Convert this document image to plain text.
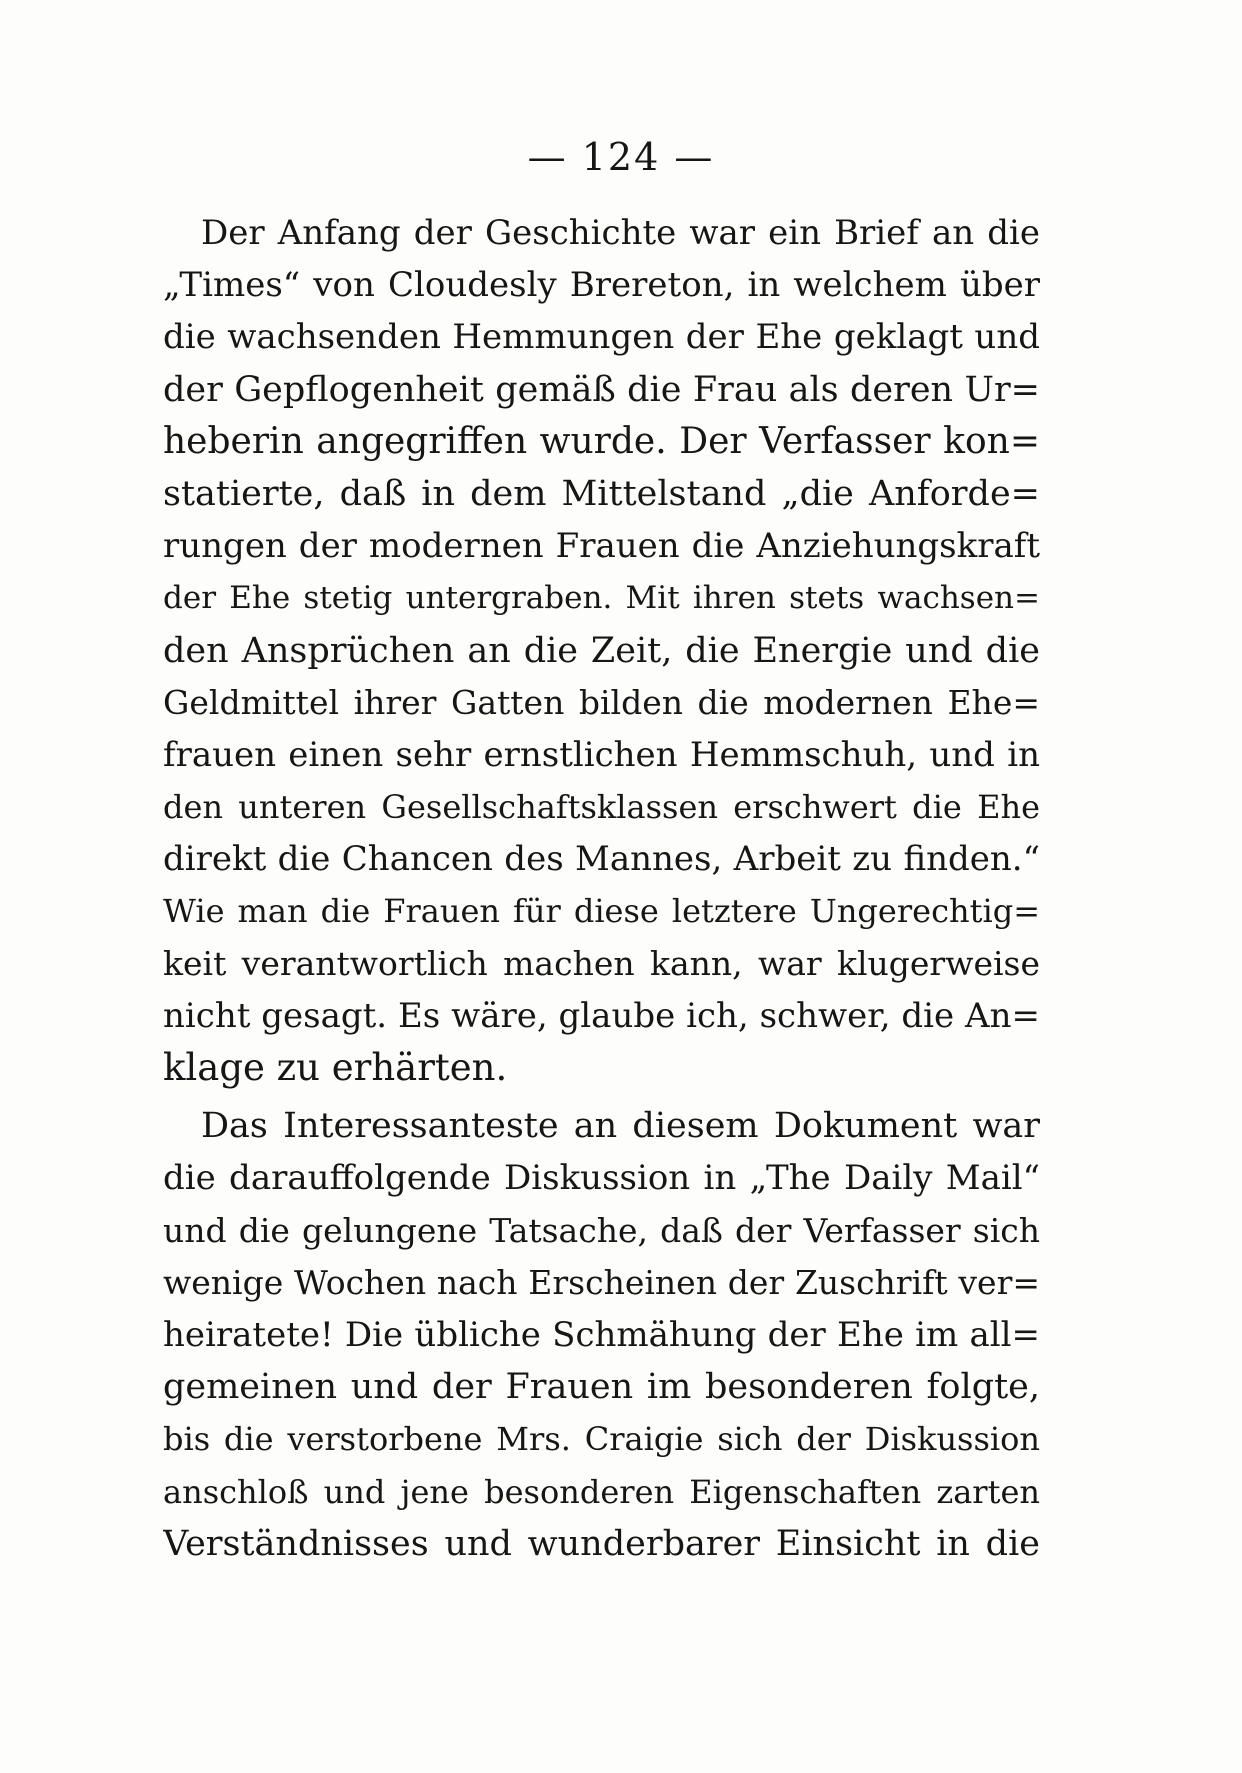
— 124 —
Der Anfang der Geschichte war ein Brief an die
„Times“ von Cloudesly Brereton, in welchem über
die wachsenden Hemmungen der Ehe geklagt und
der Gepflogenheit gemäß die Frau als deren Ur=
heberin angegriffen wurde. Der Verfasser kon=
statierte, daß in dem Mittelstand „die Anforde=
rungen der modernen Frauen die Anziehungskraft
der Ehe stetig untergraben. Mit ihren stets wachsen=
den Ansprüchen an die Zeit, die Energie und die
Geldmittel ihrer Gatten bilden die modernen Ehe=
frauen einen sehr ernstlichen Hemmschuh, und in
den unteren Gesellschaftsklassen erschwert die Ehe
direkt die Chancen des Mannes, Arbeit zu finden.“
Wie man die Frauen für diese letztere Ungerechtig=
keit verantwortlich machen kann, war klugerweise
nicht gesagt. Es wäre, glaube ich, schwer, die An=
klage zu erhärten.
Das Interessanteste an diesem Dokument war
die darauffolgende Diskussion in „The Daily Mail“
und die gelungene Tatsache, daß der Verfasser sich
wenige Wochen nach Erscheinen der Zuschrift ver=
heiratete! Die übliche Schmähung der Ehe im all=
gemeinen und der Frauen im besonderen folgte,
bis die verstorbene Mrs. Craigie sich der Diskussion
anschloß und jene besonderen Eigenschaften zarten
Verständnisses und wunderbarer Einsicht in die
